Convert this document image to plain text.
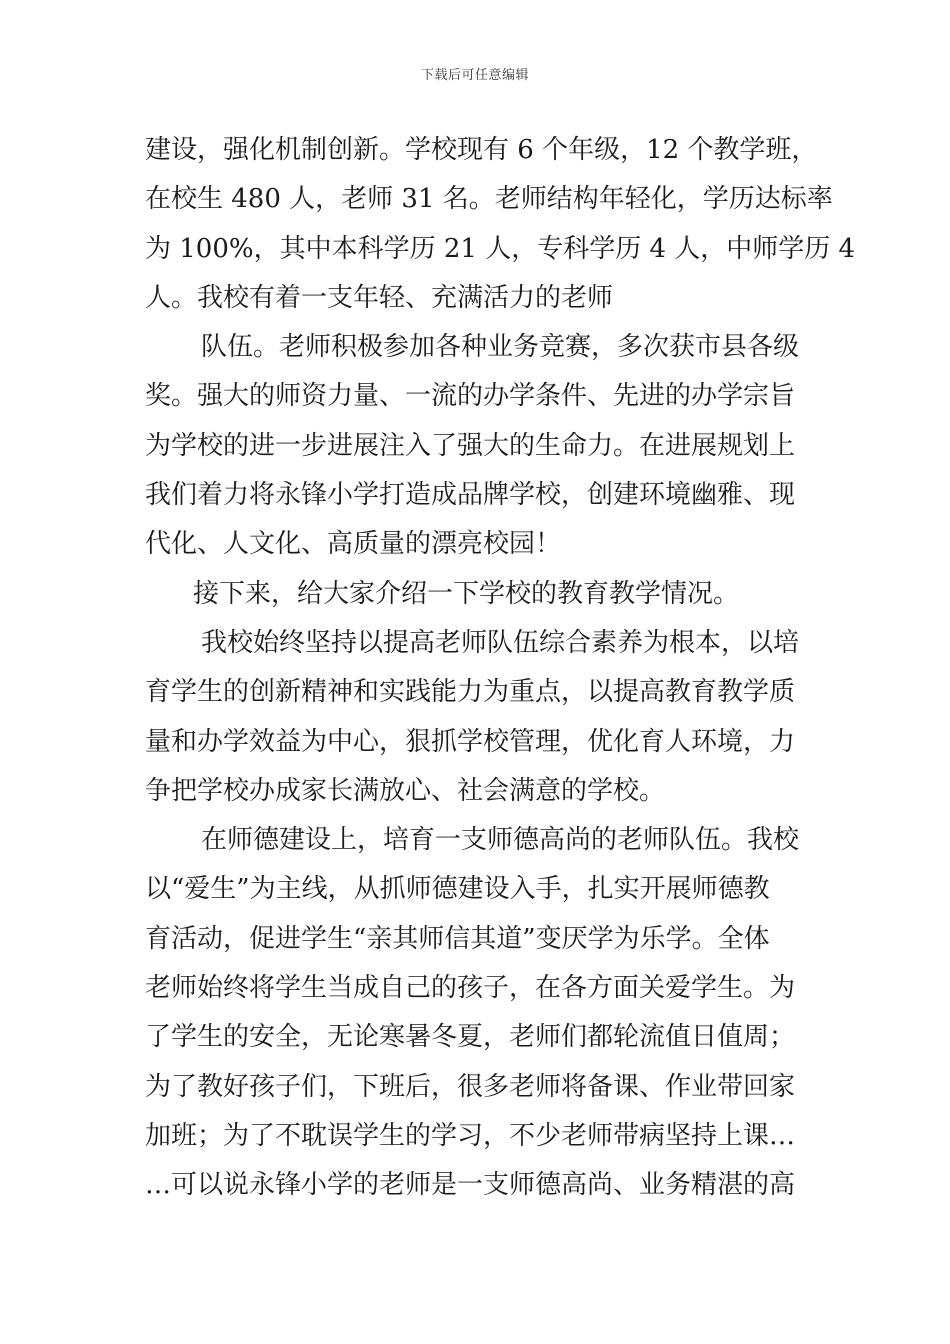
下载后可任意编辑
建设，强化机制创新。学校现有 6 个年级，12 个教学班，
在校生 480 人，老师 31 名。老师结构年轻化，学历达标率
为 100%，其中本科学历 21 人，专科学历 4 人，中师学历 4
人。我校有着一支年轻、充满活力的老师
队伍。老师积极参加各种业务竞赛，多次获市县各级
奖。强大的师资力量、一流的办学条件、先进的办学宗旨
为学校的进一步进展注入了强大的生命力。在进展规划上
我们着力将永锋小学打造成品牌学校，创建环境幽雅、现
代化、人文化、高质量的漂亮校园！
接下来，给大家介绍一下学校的教育教学情况。
我校始终坚持以提高老师队伍综合素养为根本，以培
育学生的创新精神和实践能力为重点，以提高教育教学质
量和办学效益为中心，狠抓学校管理，优化育人环境，力
争把学校办成家长满放心、社会满意的学校。
在师德建设上，培育一支师德高尚的老师队伍。我校
以“爱生”为主线，从抓师德建设入手，扎实开展师德教
育活动，促进学生“亲其师信其道”变厌学为乐学。全体
老师始终将学生当成自己的孩子，在各方面关爱学生。为
了学生的安全，无论寒暑冬夏，老师们都轮流值日值周；
为了教好孩子们，下班后，很多老师将备课、作业带回家
加班；为了不耽误学生的学习，不少老师带病坚持上课…
…可以说永锋小学的老师是一支师德高尚、业务精湛的高
